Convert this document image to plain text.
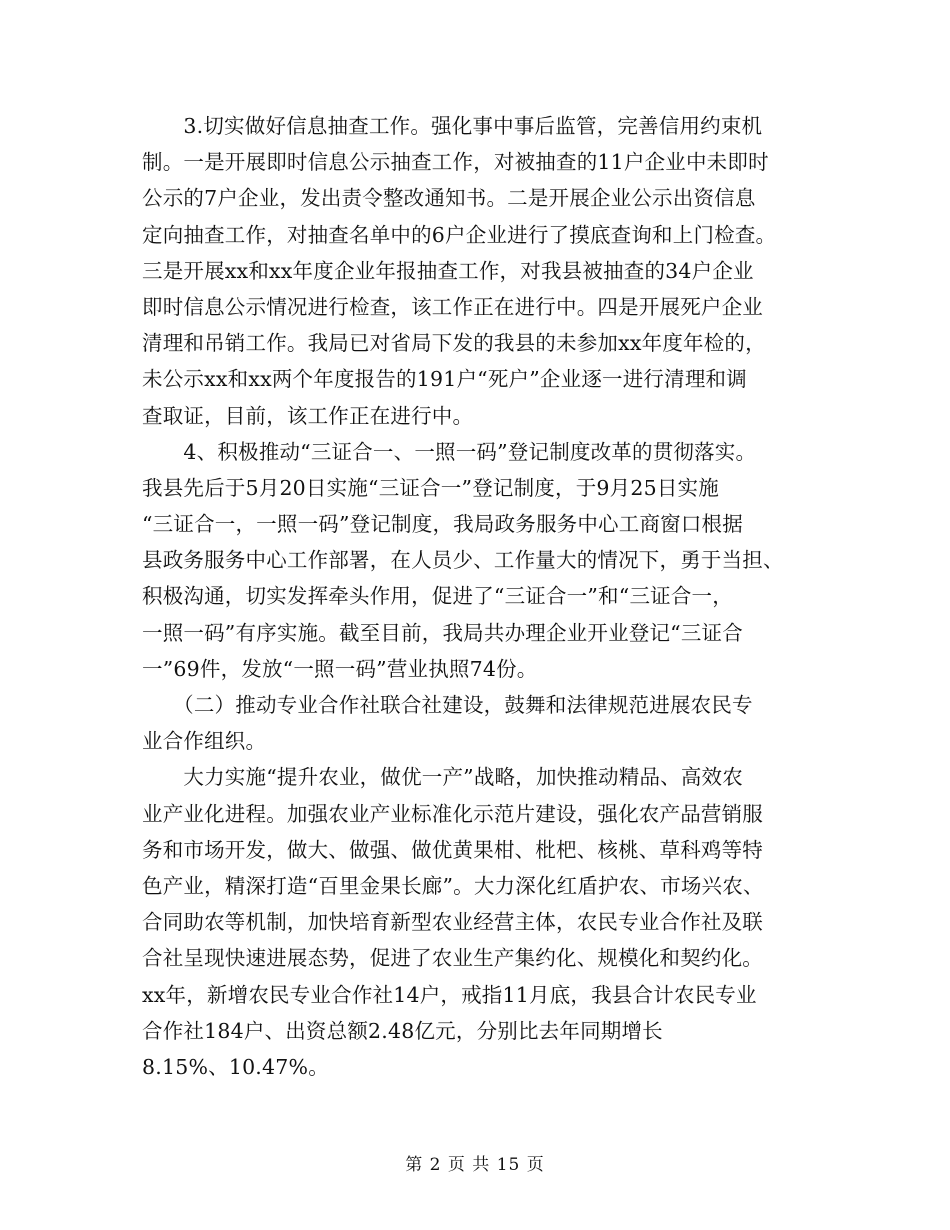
　　3.切实做好信息抽查工作。强化事中事后监管，完善信用约束机
制。一是开展即时信息公示抽查工作，对被抽查的11户企业中未即时
公示的7户企业，发出责令整改通知书。二是开展企业公示出资信息
定向抽查工作，对抽查名单中的6户企业进行了摸底查询和上门检查。
三是开展xx和xx年度企业年报抽查工作，对我县被抽查的34户企业
即时信息公示情况进行检查，该工作正在进行中。四是开展死户企业
清理和吊销工作。我局已对省局下发的我县的未参加xx年度年检的，
未公示xx和xx两个年度报告的191户“死户”企业逐一进行清理和调
查取证，目前，该工作正在进行中。
　　4、积极推动“三证合一、一照一码”登记制度改革的贯彻落实。
我县先后于5月20日实施“三证合一”登记制度，于9月25日实施
“三证合一，一照一码”登记制度，我局政务服务中心工商窗口根据
县政务服务中心工作部署，在人员少、工作量大的情况下，勇于当担、
积极沟通，切实发挥牵头作用，促进了“三证合一”和“三证合一，
一照一码”有序实施。截至目前，我局共办理企业开业登记“三证合
一”69件，发放“一照一码”营业执照74份。
　　（二）推动专业合作社联合社建设，鼓舞和法律规范进展农民专
业合作组织。
　　大力实施“提升农业，做优一产”战略，加快推动精品、高效农
业产业化进程。加强农业产业标准化示范片建设，强化农产品营销服
务和市场开发，做大、做强、做优黄果柑、枇杷、核桃、草科鸡等特
色产业，精深打造“百里金果长廊”。大力深化红盾护农、市场兴农、
合同助农等机制，加快培育新型农业经营主体，农民专业合作社及联
合社呈现快速进展态势，促进了农业生产集约化、规模化和契约化。
xx年，新增农民专业合作社14户，戒指11月底，我县合计农民专业
合作社184户、出资总额2.48亿元，分别比去年同期增长
8.15%、10.47%。
第 2 页 共 15 页
